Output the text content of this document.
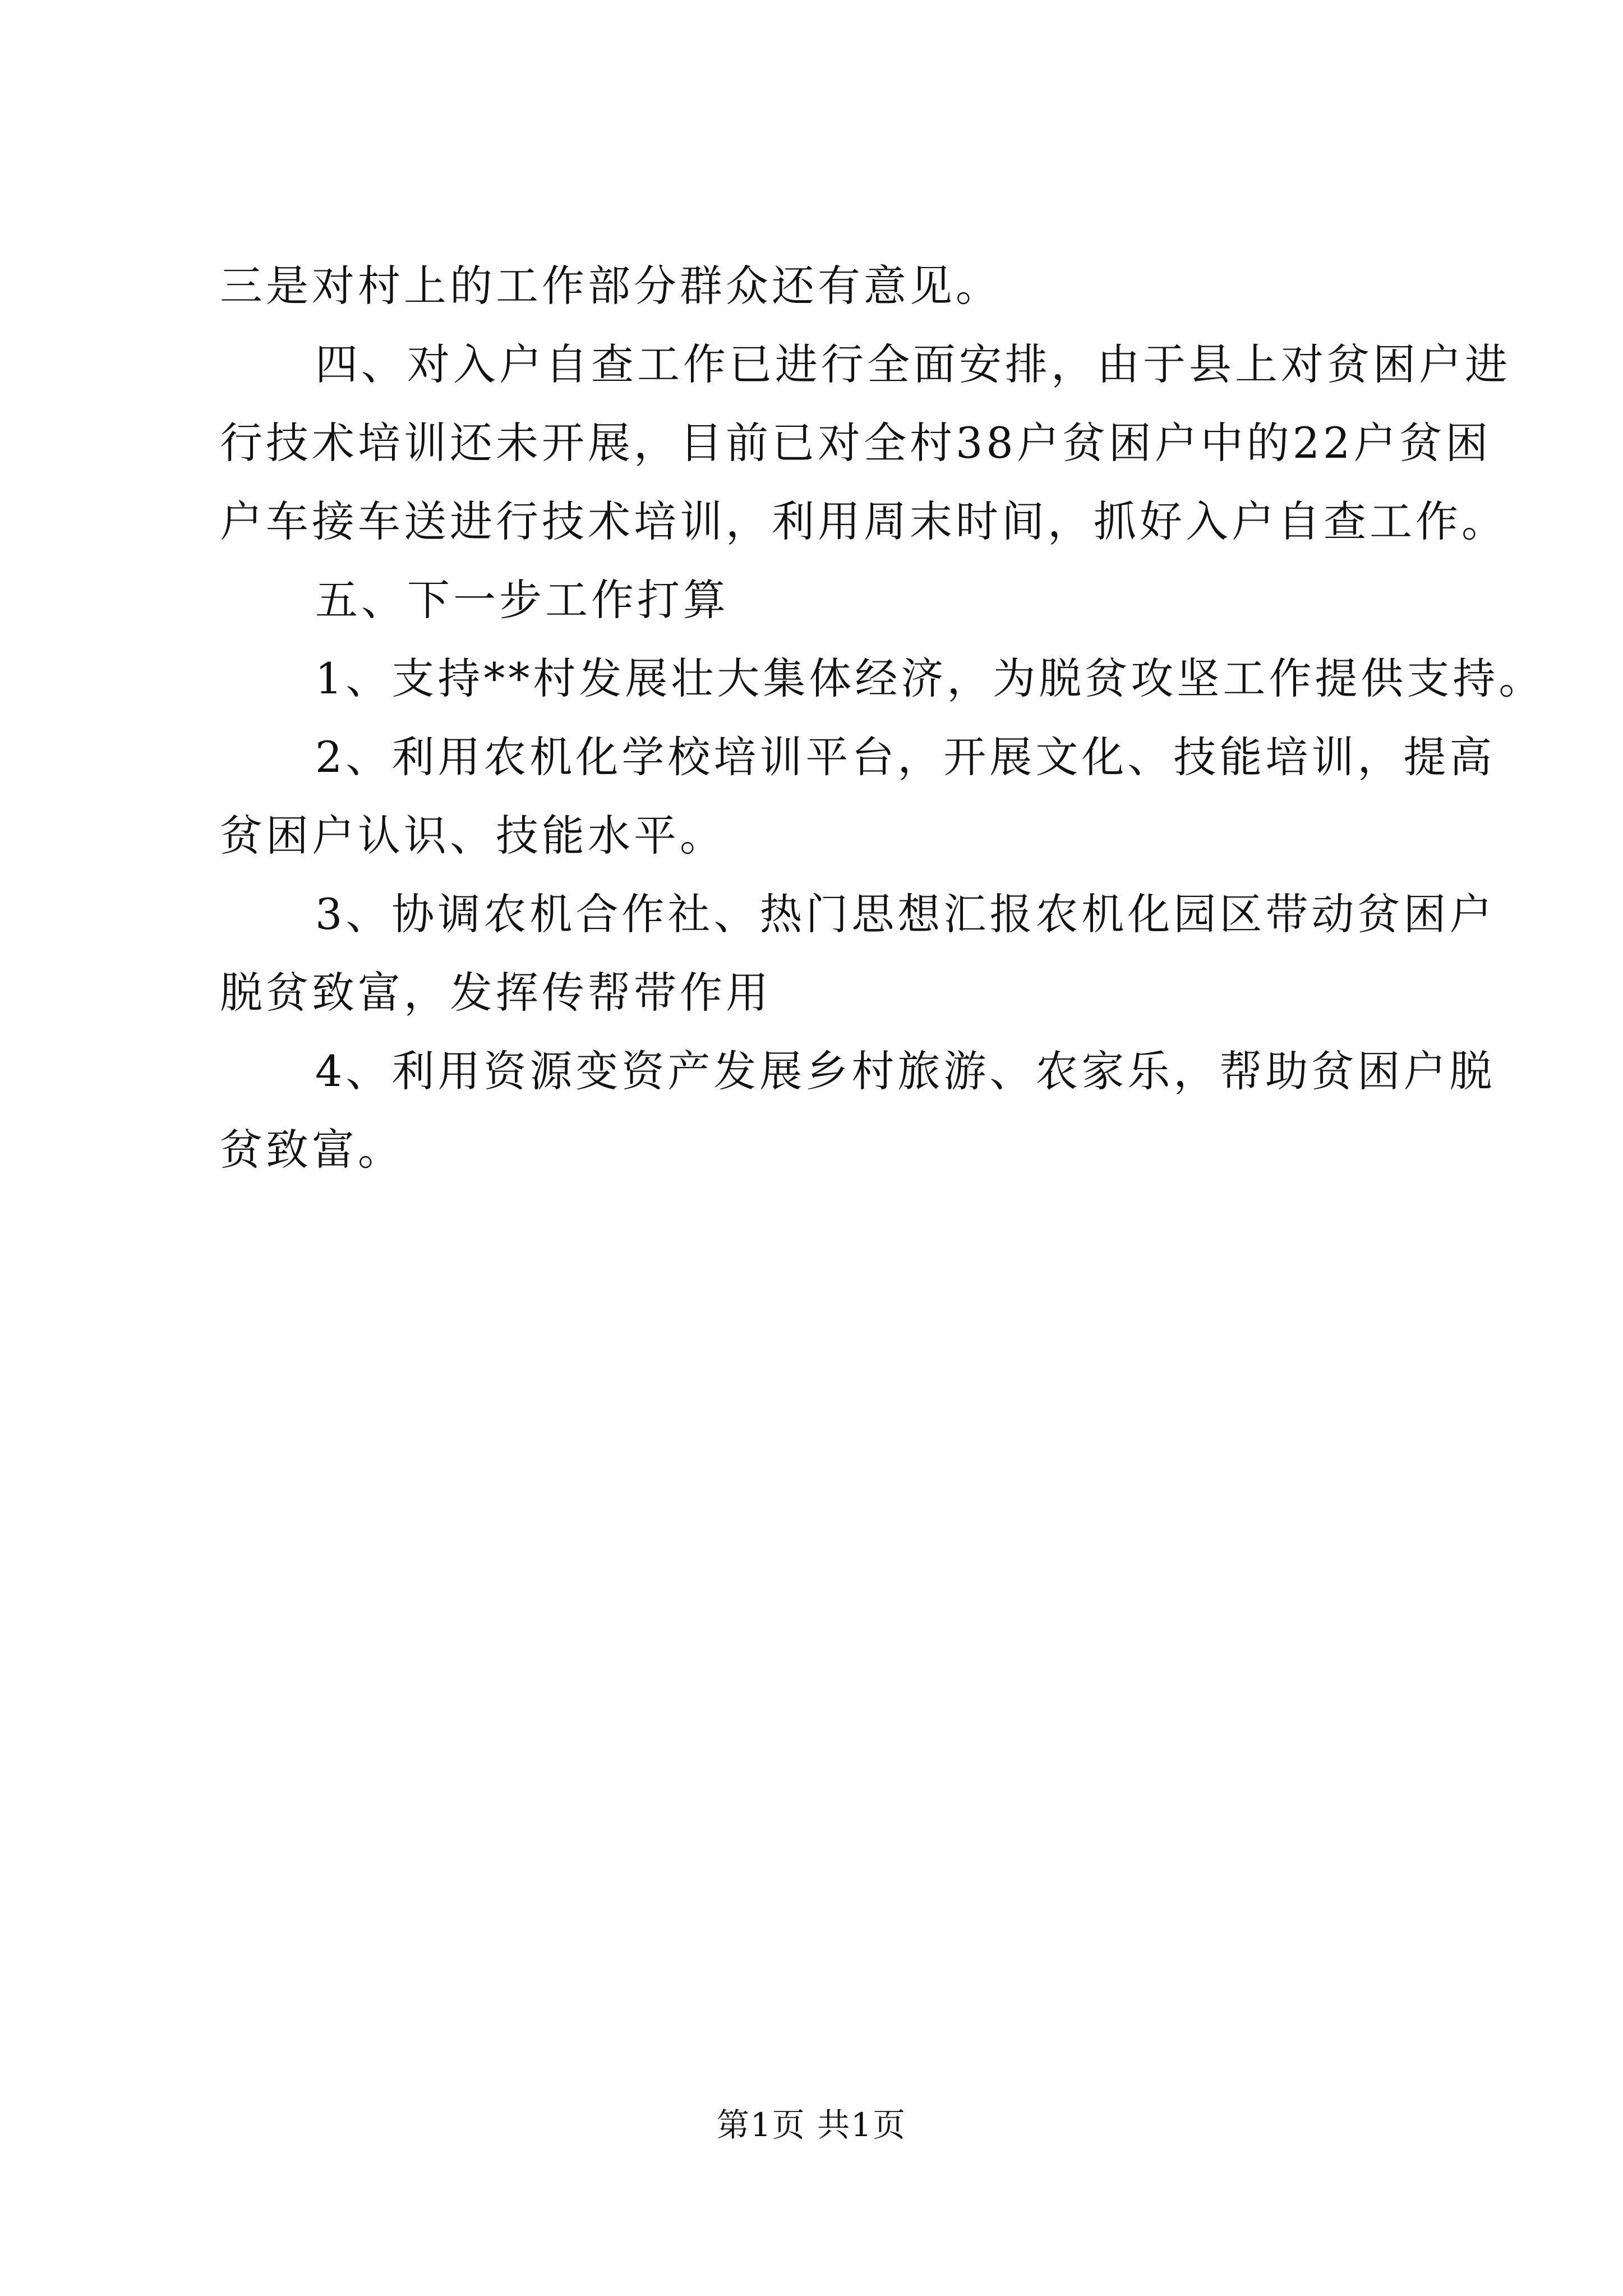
三是对村上的工作部分群众还有意见。

四、对入户自查工作已进行全面安排，由于县上对贫困户进

行技术培训还未开展，目前已对全村38户贫困户中的22户贫困

户车接车送进行技术培训，利用周末时间，抓好入户自查工作。

五、下一步工作打算

1、支持**村发展壮大集体经济，为脱贫攻坚工作提供支持。

2、利用农机化学校培训平台，开展文化、技能培训，提高

贫困户认识、技能水平。

3、协调农机合作社、热门思想汇报农机化园区带动贫困户

脱贫致富，发挥传帮带作用

4、利用资源变资产发展乡村旅游、农家乐，帮助贫困户脱

贫致富。

第1页 共1页
